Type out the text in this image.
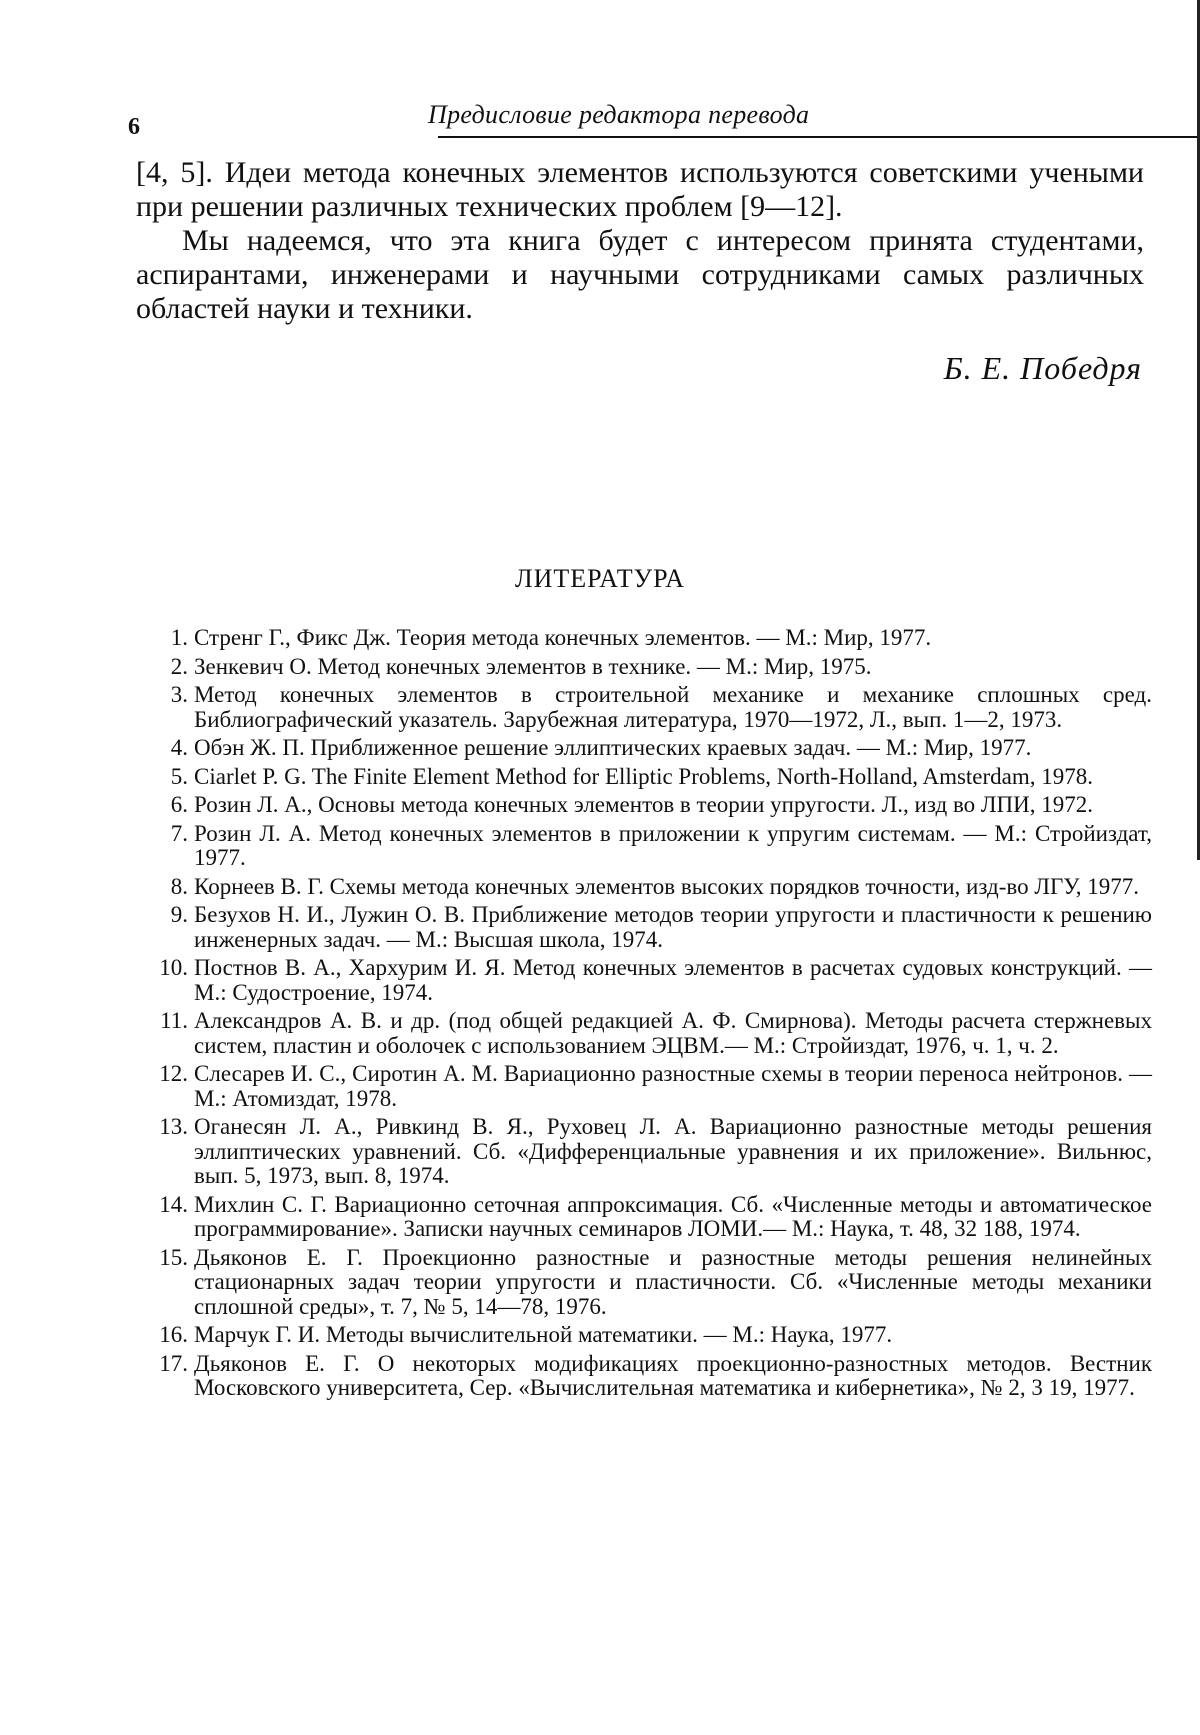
6	Предисловие редактора перевода

[4, 5]. Идеи метода конечных элементов используются советскими учеными при решении различных технических проблем [9—12].

Мы надеемся, что эта книга будет с интересом принята студентами, аспирантами, инженерами и научными сотрудниками самых различных областей науки и техники.

Б. Е. Победря
ЛИТЕРАТУРА
1. Стренг Г., Фикс Дж. Теория метода конечных элементов. — М.: Мир, 1977.
2. Зенкевич О. Метод конечных элементов в технике. — М.: Мир, 1975.
3. Метод конечных элементов в строительной механике и механике сплошных сред. Библиографический указатель. Зарубежная литература, 1970—1972, Л., вып. 1—2, 1973.
4. Обэн Ж. П. Приближенное решение эллиптических краевых задач. — М.: Мир, 1977.
5. Ciarlet P. G. The Finite Element Method for Elliptic Problems, North-Holland, Amsterdam, 1978.
6. Розин Л. А., Основы метода конечных элементов в теории упругости. Л., изд во ЛПИ, 1972.
7. Розин Л. А. Метод конечных элементов в приложении к упругим системам. — М.: Стройиздат, 1977.
8. Корнеев В. Г. Схемы метода конечных элементов высоких порядков точности, изд-во ЛГУ, 1977.
9. Безухов Н. И., Лужин О. В. Приближение методов теории упругости и пластичности к решению инженерных задач. — М.: Высшая школа, 1974.
10. Постнов В. А., Хархурим И. Я. Метод конечных элементов в расчетах судовых конструкций. — М.: Судостроение, 1974.
11. Александров А. В. и др. (под общей редакцией А. Ф. Смирнова). Методы расчета стержневых систем, пластин и оболочек с использованием ЭЦВМ.— М.: Стройиздат, 1976, ч. 1, ч. 2.
12. Слесарев И. С., Сиротин А. М. Вариационно разностные схемы в теории переноса нейтронов. — М.: Атомиздат, 1978.
13. Оганесян Л. А., Ривкинд В. Я., Руховец Л. А. Вариационно разностные методы решения эллиптических уравнений. Сб. «Дифференциальные уравнения и их приложение». Вильнюс, вып. 5, 1973, вып. 8, 1974.
14. Михлин С. Г. Вариационно сеточная аппроксимация. Сб. «Численные методы и автоматическое программирование». Записки научных семинаров ЛОМИ.— М.: Наука, т. 48, 32 188, 1974.
15. Дьяконов Е. Г. Проекционно разностные и разностные методы решения нелинейных стационарных задач теории упругости и пластичности. Сб. «Численные методы механики сплошной среды», т. 7, № 5, 14—78, 1976.
16. Марчук Г. И. Методы вычислительной математики. — М.: Наука, 1977.
17. Дьяконов Е. Г. О некоторых модификациях проекционно-разностных методов. Вестник Московского университета, Сер. «Вычислительная математика и кибернетика», № 2, 3 19, 1977.
